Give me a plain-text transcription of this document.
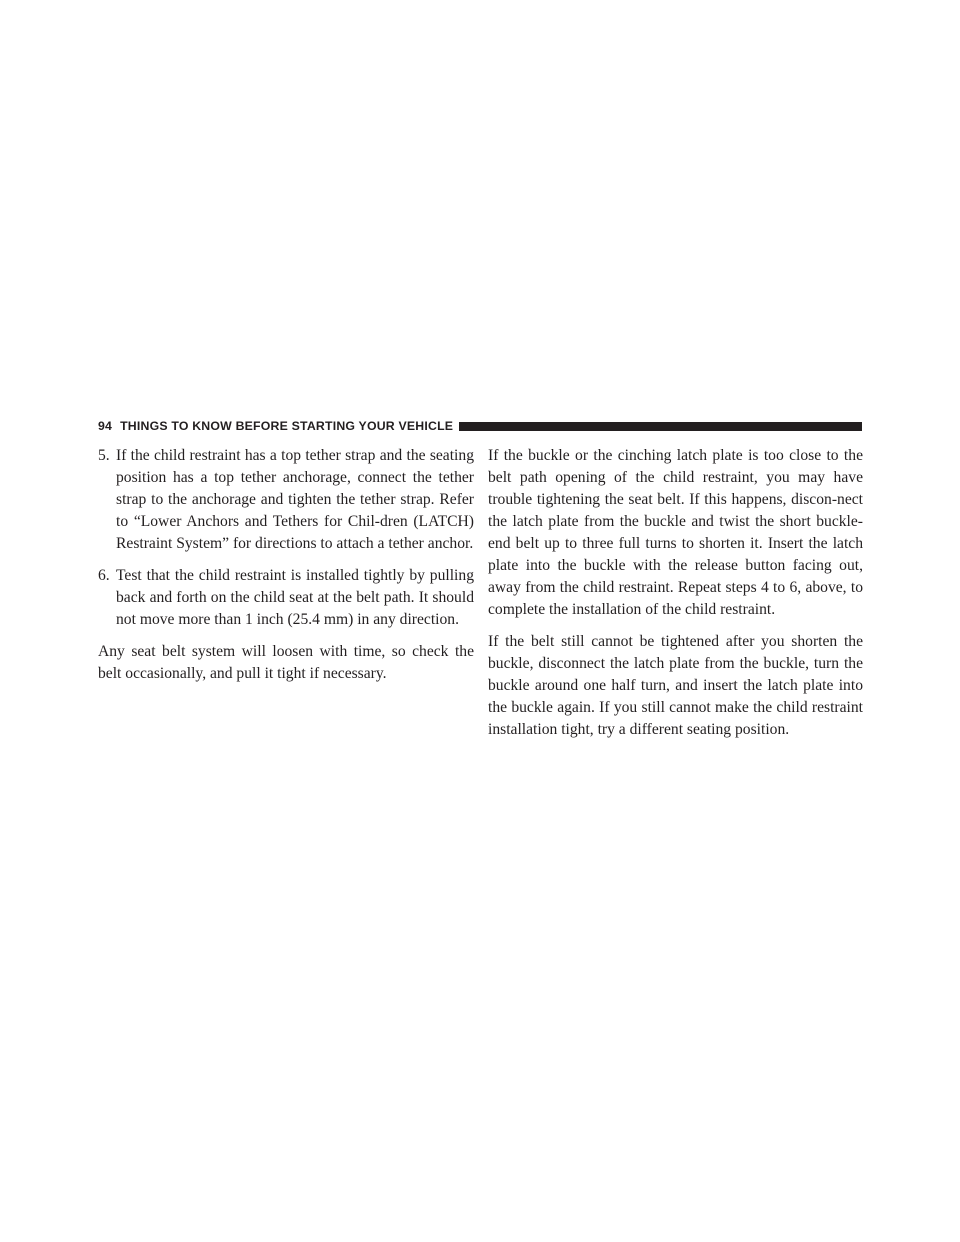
94 THINGS TO KNOW BEFORE STARTING YOUR VEHICLE
5. If the child restraint has a top tether strap and the seating position has a top tether anchorage, connect the tether strap to the anchorage and tighten the tether strap. Refer to “Lower Anchors and Tethers for Chil-dren (LATCH) Restraint System” for directions to attach a tether anchor.
6. Test that the child restraint is installed tightly by pulling back and forth on the child seat at the belt path. It should not move more than 1 inch (25.4 mm) in any direction.

Any seat belt system will loosen with time, so check the belt occasionally, and pull it tight if necessary.

If the buckle or the cinching latch plate is too close to the belt path opening of the child restraint, you may have trouble tightening the seat belt. If this happens, discon-nect the latch plate from the buckle and twist the short buckle-end belt up to three full turns to shorten it. Insert the latch plate into the buckle with the release button facing out, away from the child restraint. Repeat steps 4 to 6, above, to complete the installation of the child restraint.

If the belt still cannot be tightened after you shorten the buckle, disconnect the latch plate from the buckle, turn the buckle around one half turn, and insert the latch plate into the buckle again. If you still cannot make the child restraint installation tight, try a different seating position.
